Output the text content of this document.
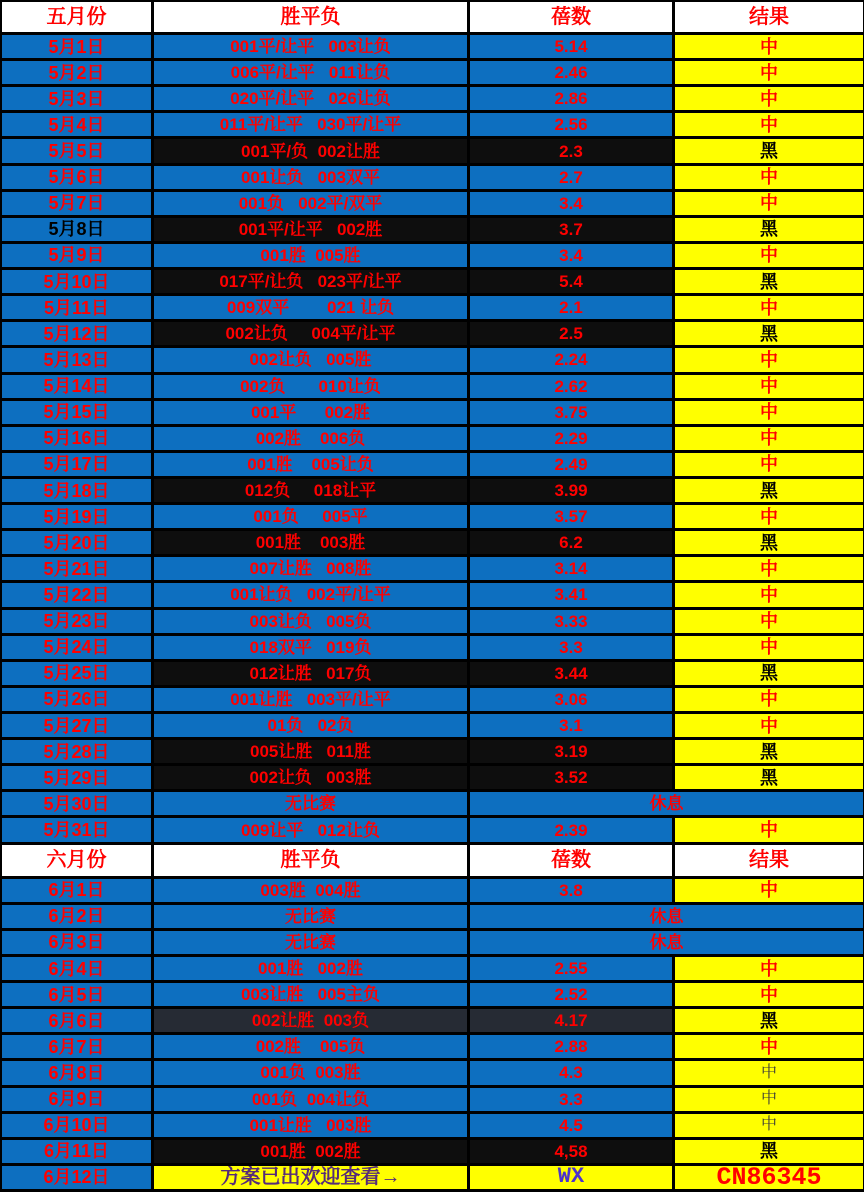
五月份	胜平负	蓓数	结果
5月1日	001平/让平   003让负	5.14	中
5月2日	006平/让平   011让负	2.46	中
5月3日	020平/让平   026让负	2.86	中
5月4日	011平/让平   030平/让平	2.56	中
5月5日	001平/负  002让胜	2.3	黑
5月6日	001让负   003双平	2.7	中
5月7日	001负   002平/双平	3.4	中
5月8日	001平/让平   002胜	3.7	黑
5月9日	001胜  005胜	3.4	中
5月10日	017平/让负   023平/让平	5.4	黑
5月11日	009双平        021 让负	2.1	中
5月12日	002让负     004平/让平	2.5	黑
5月13日	002让负   005胜	2.24	中
5月14日	002负       010让负	2.62	中
5月15日	001平      002胜	3.75	中
5月16日	002胜    006负	2.29	中
5月17日	001胜    005让负	2.49	中
5月18日	012负     018让平	3.99	黑
5月19日	001负     005平	3.57	中
5月20日	001胜    003胜	6.2	黑
5月21日	007让胜   008胜	3.14	中
5月22日	001让负   002平/让平	3.41	中
5月23日	003让负   005负	3.33	中
5月24日	018双平   019负	3.3	中
5月25日	012让胜   017负	3.44	黑
5月26日	001让胜   003平/让平	3.06	中
5月27日	01负   02负	3.1	中
5月28日	005让胜   011胜	3.19	黑
5月29日	002让负   003胜	3.52	黑
5月30日	无比赛	休息
5月31日	009让平   012让负	2.39	中
六月份	胜平负	蓓数	结果
6月1日	003胜  004胜	3.8	中
6月2日	无比赛	休息
6月3日	无比赛	休息
6月4日	001胜   002胜	2.55	中
6月5日	003让胜   005主负	2.52	中
6月6日	002让胜  003负	4.17	黑
6月7日	002胜    005负	2.88	中
6月8日	001负  003胜	4.3	中
6月9日	001负  004让负	3.3	中
6月10日	001让胜   003胜	4.5	中
6月11日	001胜  002胜	4,58	黑
6月12日	方案已出欢迎查看→	WX	CN86345
